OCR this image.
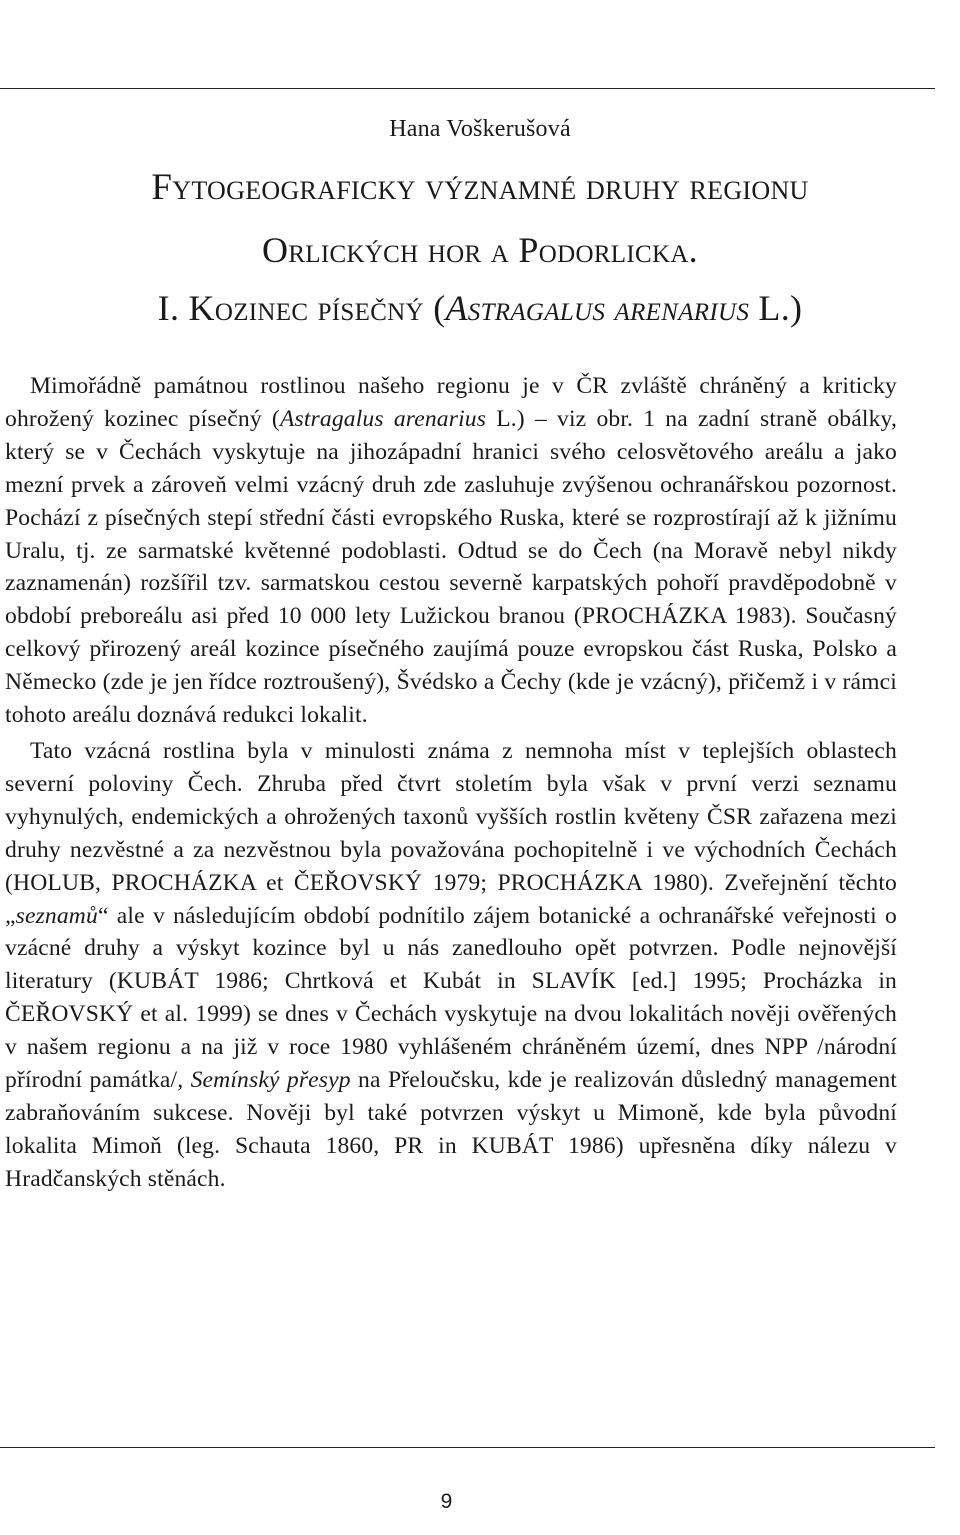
Hana Voškerušová
Fytogeograficky významné druhy regionu
Orlických hor a Podorlicka.
I. Kozinec písečný (Astragalus arenarius L.)

Mimořádně památnou rostlinou našeho regionu je v ČR zvláště chráněný a kriticky ohrožený kozinec písečný (Astragalus arenarius L.) – viz obr. 1 na zadní straně obálky, který se v Čechách vyskytuje na jihozápadní hranici svého celosvětového areálu a jako mezní prvek a zároveň velmi vzácný druh zde zasluhuje zvýšenou ochranářskou pozornost. Pochází z písečných stepí střední části evropského Ruska, které se rozprostírají až k jižnímu Uralu, tj. ze sarmatské květenné podoblasti. Odtud se do Čech (na Moravě nebyl nikdy zaznamenán) rozšířil tzv. sarmatskou cestou severně karpatských pohoří pravděpodobně v období preboreálu asi před 10 000 lety Lužickou branou (PROCHÁZKA 1983). Současný celkový přirozený areál kozince písečného zaujímá pouze evropskou část Ruska, Polsko a Německo (zde je jen řídce roztroušený), Švédsko a Čechy (kde je vzácný), přičemž i v rámci tohoto areálu doznává redukci lokalit.

Tato vzácná rostlina byla v minulosti známa z nemnoha míst v teplejších oblastech severní poloviny Čech. Zhruba před čtvrt stoletím byla však v první verzi seznamu vyhynulých, endemických a ohrožených taxonů vyšších rostlin květeny ČSR zařazena mezi druhy nezvěstné a za nezvěstnou byla považována pochopitelně i ve východních Čechách (HOLUB, PROCHÁZKA et ČEŘOVSKÝ 1979; PROCHÁZKA 1980). Zveřejnění těchto „seznamů“ ale v následujícím období podnítilo zájem botanické a ochranářské veřejnosti o vzácné druhy a výskyt kozince byl u nás zanedlouho opět potvrzen. Podle nejnovější literatury (KUBÁT 1986; Chrtková et Kubát in SLAVÍK [ed.] 1995; Procházka in ČEŘOVSKÝ et al. 1999) se dnes v Čechách vyskytuje na dvou lokalitách nověji ověřených v našem regionu a na již v roce 1980 vyhlášeném chráněném území, dnes NPP /národní přírodní památka/, Semínský přesyp na Přeloučsku, kde je realizován důsledný management zabraňováním sukcese. Nověji byl také potvrzen výskyt u Mimoně, kde byla původní lokalita Mimoň (leg. Schauta 1860, PR in KUBÁT 1986) upřesněna díky nálezu v Hradčanských stěnách.

9
